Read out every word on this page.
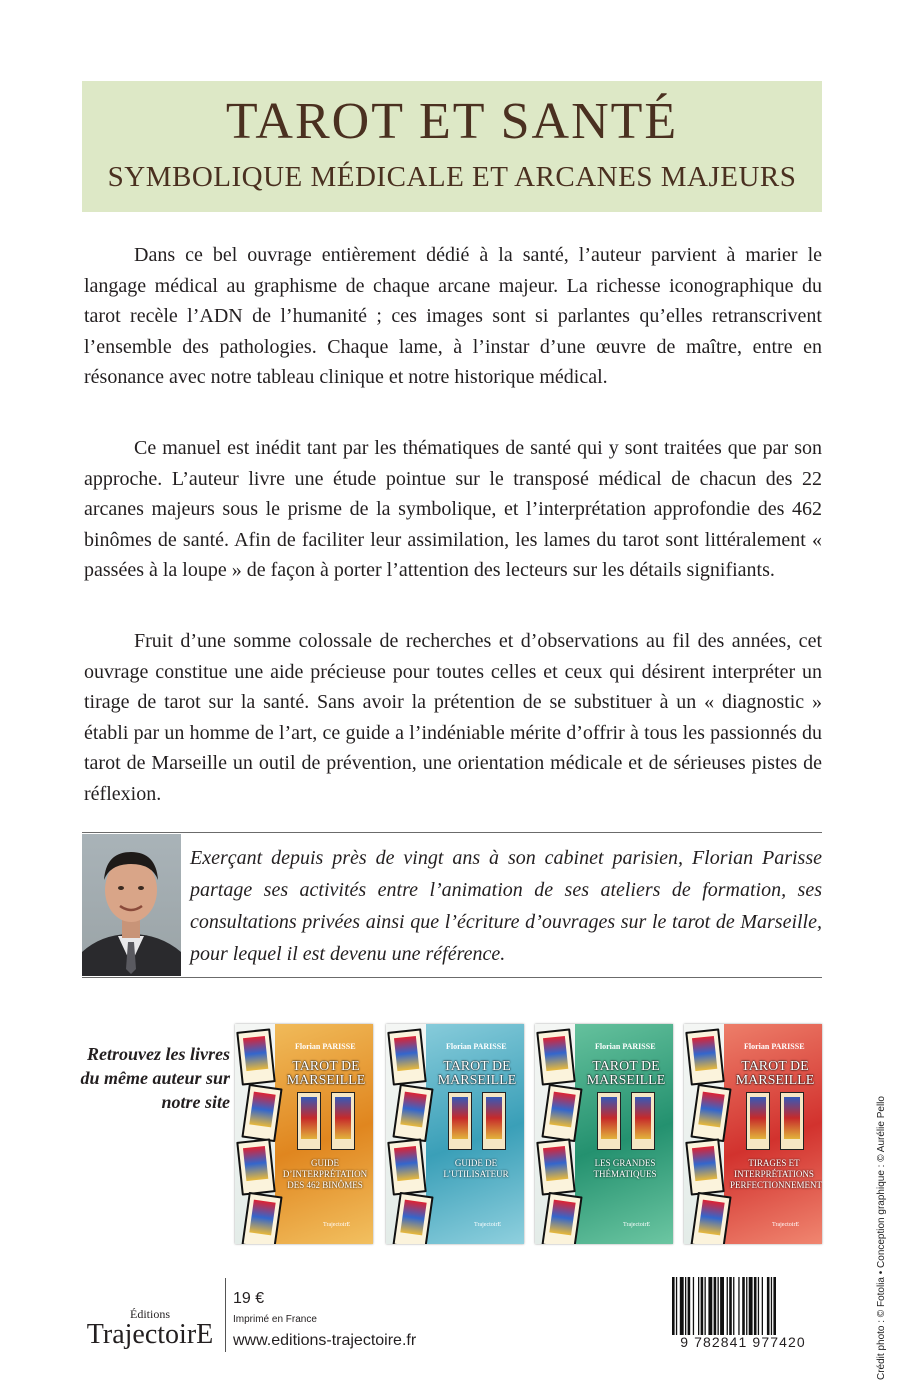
TAROT ET SANTÉ
SYMBOLIQUE MÉDICALE ET ARCANES MAJEURS

Dans ce bel ouvrage entièrement dédié à la santé, l’auteur parvient à marier le langage médical au graphisme de chaque arcane majeur. La richesse iconographique du tarot recèle l’ADN de l’humanité ; ces images sont si parlantes qu’elles retranscrivent l’ensemble des pathologies. Chaque lame, à l’instar d’une œuvre de maître, entre en résonance avec notre tableau clinique et notre historique médical.

Ce manuel est inédit tant par les thématiques de santé qui y sont traitées que par son approche. L’auteur livre une étude pointue sur le transposé médical de chacun des 22 arcanes majeurs sous le prisme de la symbolique, et l’interprétation approfondie des 462 binômes de santé. Afin de faciliter leur assimilation, les lames du tarot sont littéralement « passées à la loupe » de façon à porter l’attention des lecteurs sur les détails signifiants.

Fruit d’une somme colossale de recherches et d’observations au fil des années, cet ouvrage constitue une aide précieuse pour toutes celles et ceux qui désirent interpréter un tirage de tarot sur la santé. Sans avoir la prétention de se substituer à un « diagnostic » établi par un homme de l’art, ce guide a l’indéniable mérite d’offrir à tous les passionnés du tarot de Marseille un outil de prévention, une orientation médicale et de sérieuses pistes de réflexion.

Exerçant depuis près de vingt ans à son cabinet parisien, Florian Parisse partage ses activités entre l’animation de ses ateliers de formation, ses consultations privées ainsi que l’écriture d’ouvrages sur le tarot de Marseille, pour lequel il est devenu une référence.

Retrouvez les livres du même auteur sur notre site
Florian PARISSE
TAROT DE MARSEILLE
GUIDE D’INTERPRÉTATION DES 462 BINÔMES
TrajectoirE
Florian PARISSE
TAROT DE MARSEILLE
GUIDE DE L’UTILISATEUR
TrajectoirE
Florian PARISSE
TAROT DE MARSEILLE
LES GRANDES THÉMATIQUES
TrajectoirE
Florian PARISSE
TAROT DE MARSEILLE
TIRAGES ET INTERPRÉTATIONS PERFECTIONNEMENT
TrajectoirE	Crédit photo : © Fotolia • Conception graphique : © Aurélie Pello
Éditions
TrajectoirE
19 €
Imprimé en France
www.editions-trajectoire.fr	9 782841 977420
